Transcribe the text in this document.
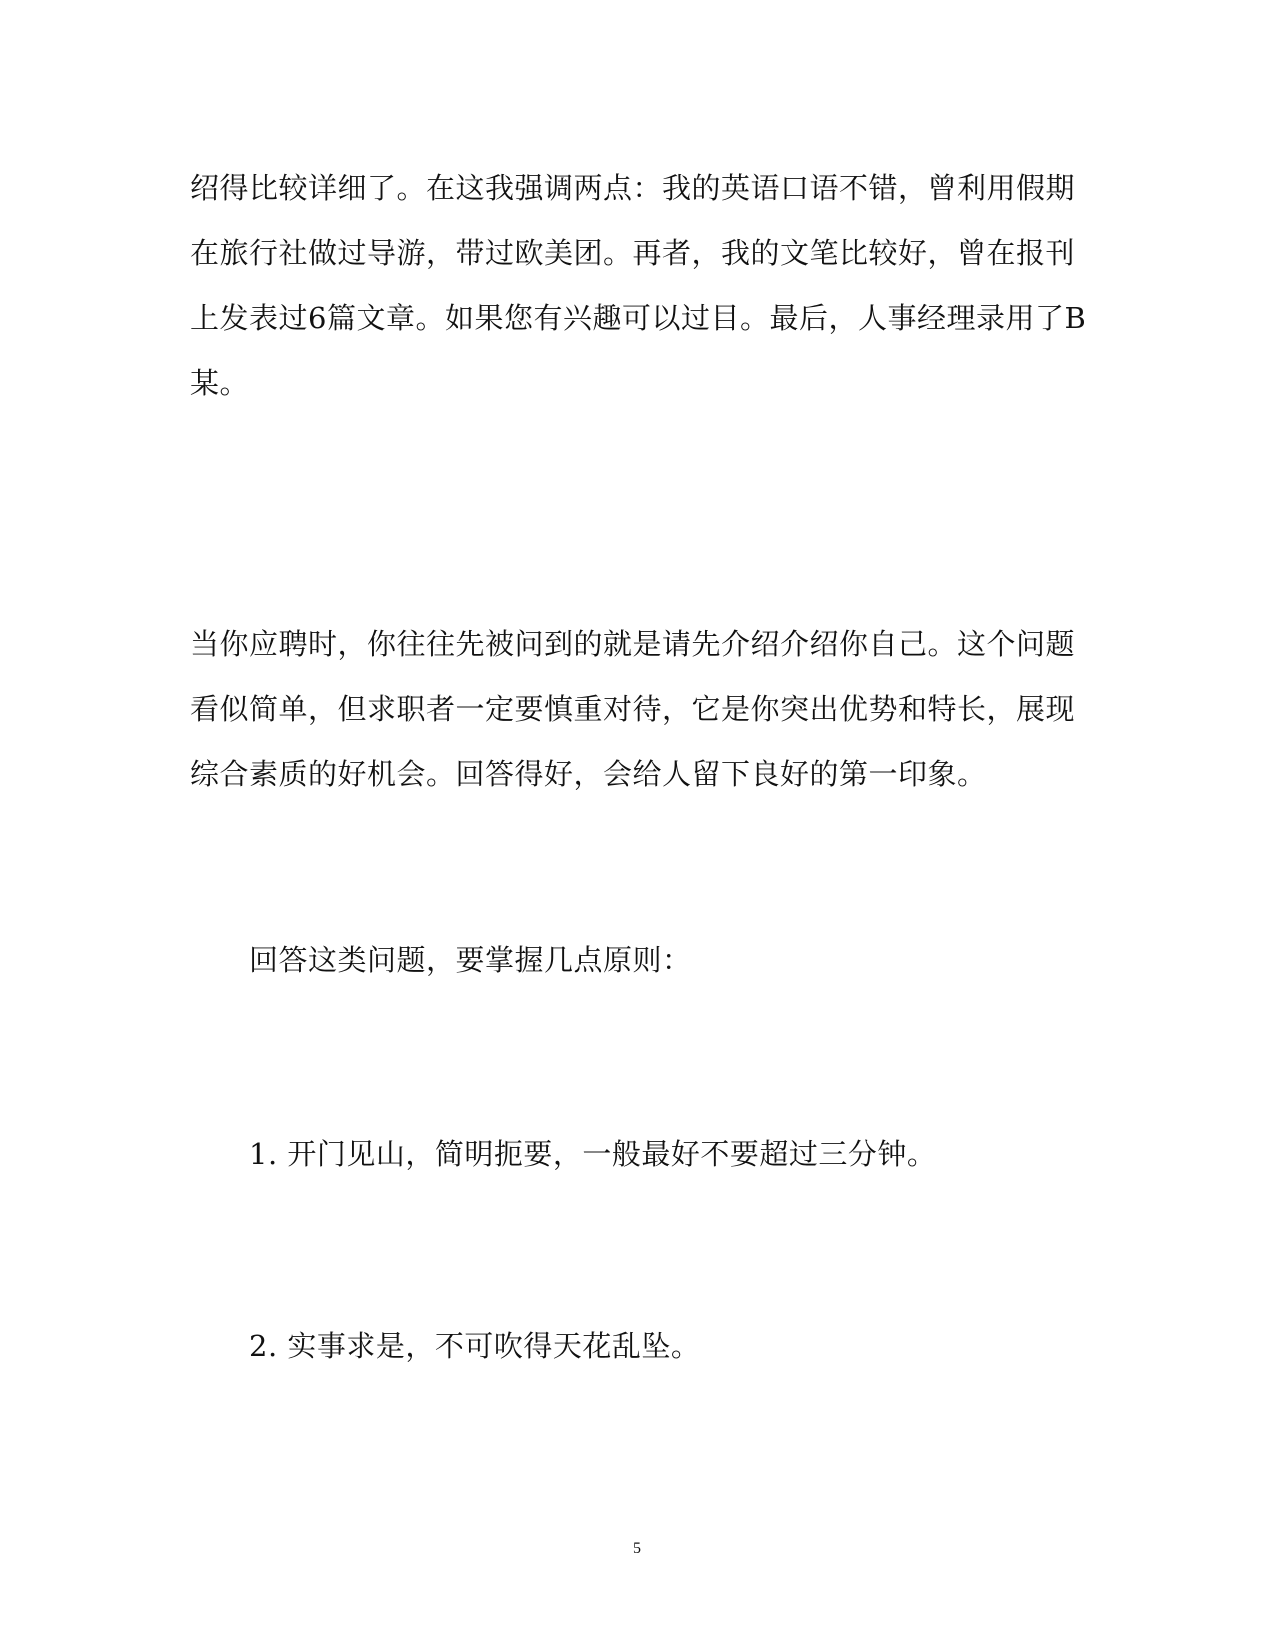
绍得比较详细了。在这我强调两点：我的英语口语不错，曾利用假期

在旅行社做过导游，带过欧美团。再者，我的文笔比较好，曾在报刊

上发表过6篇文章。如果您有兴趣可以过目。最后，人事经理录用了B

某。

当你应聘时，你往往先被问到的就是请先介绍介绍你自己。这个问题

看似简单，但求职者一定要慎重对待，它是你突出优势和特长，展现

综合素质的好机会。回答得好，会给人留下良好的第一印象。

回答这类问题，要掌握几点原则：

1. 开门见山，简明扼要，一般最好不要超过三分钟。

2. 实事求是，不可吹得天花乱坠。

5
